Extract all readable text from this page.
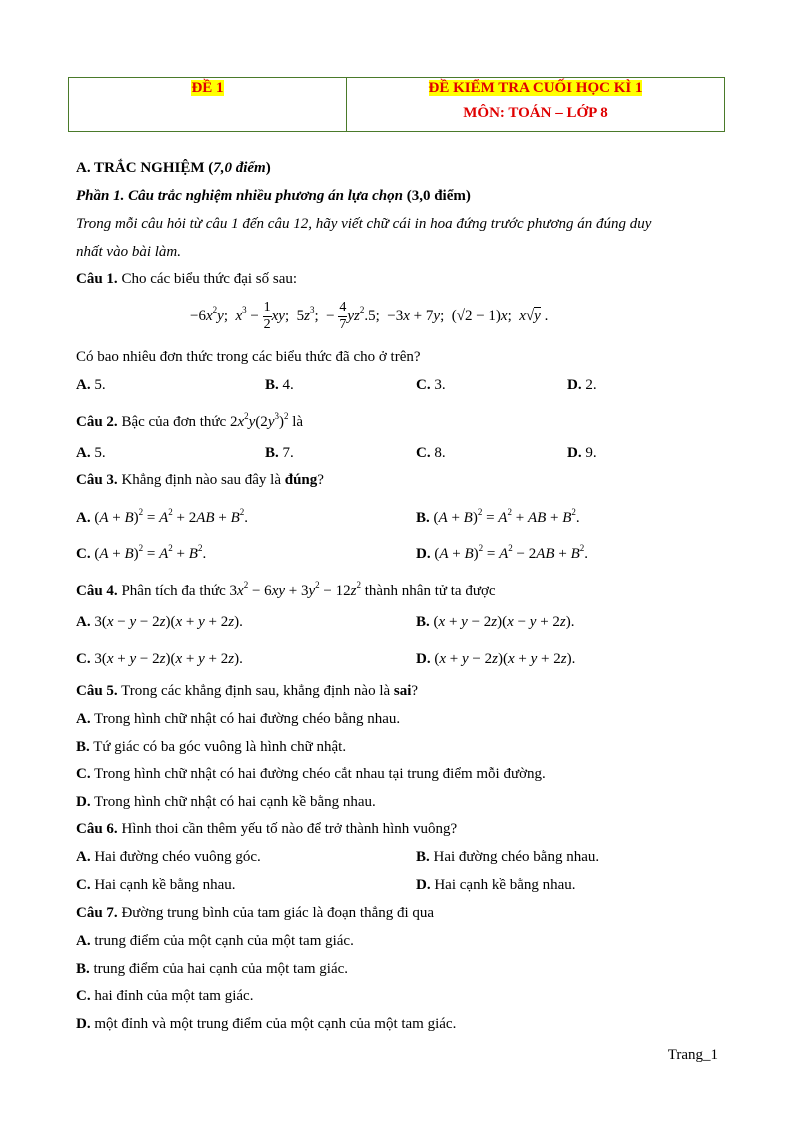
ĐỀ 1	ĐỀ KIỂM TRA CUỐI HỌC KÌ 1
MÔN: TOÁN – LỚP 8
A. TRẮC NGHIỆM (7,0 điểm)
Phần 1. Câu trắc nghiệm nhiều phương án lựa chọn (3,0 điểm)
Trong mỗi câu hỏi từ câu 1 đến câu 12, hãy viết chữ cái in hoa đứng trước phương án đúng duy
nhất vào bài làm.
Câu 1. Cho các biểu thức đại số sau:
$-6x^2y$;  $x^3 - \frac{1}{2}$ xy;  $5z^3$;  − $\frac{4}{7} yz^2.5$;  −3x + 7y;  (√2 − 1)x;  x√y .
Có bao nhiêu đơn thức trong các biểu thức đã cho ở trên?
A. 5.	B. 4.	C. 3.	D. 2.
Câu 2. Bậc của đơn thức $2x^2y(2y^3)^2$ là
A. 5.	B. 7.	C. 8.	D. 9.
Câu 3. Khẳng định nào sau đây là đúng?
A. $(A + B)^2 = A^2 + 2AB + B^2$.	B. $(A + B)^2 = A^2$ + AB + $B^2$.
C. $(A + B)^2 = A^2 + B^2$.	D. $(A + B)^2 = A^2 - 2AB + B^2$.
Câu 4. Phân tích đa thức $3x^2 - 6xy + 3y^2 - 12z^2$ thành nhân tử ta được
A. 3(x − y − 2z)(x + y + 2z).	B. (x + y − 2z)(x − y + 2z).
C. 3(x + y − 2z)(x + y + 2z).	D. (x + y − 2z)(x + y + 2z).
Câu 5. Trong các khẳng định sau, khẳng định nào là sai?
A. Trong hình chữ nhật có hai đường chéo bằng nhau.
B. Tứ giác có ba góc vuông là hình chữ nhật.
C. Trong hình chữ nhật có hai đường chéo cắt nhau tại trung điểm mỗi đường.
D. Trong hình chữ nhật có hai cạnh kề bằng nhau.
Câu 6. Hình thoi cần thêm yếu tố nào để trở thành hình vuông?
A. Hai đường chéo vuông góc.	B. Hai đường chéo bằng nhau.
C. Hai cạnh kề bằng nhau.	D. Hai cạnh kề bằng nhau.
Câu 7. Đường trung bình của tam giác là đoạn thẳng đi qua
A. trung điểm của một cạnh của một tam giác.
B. trung điểm của hai cạnh của một tam giác.
C. hai đỉnh của một tam giác.
D. một đỉnh và một trung điểm của một cạnh của một tam giác.
Trang_1
